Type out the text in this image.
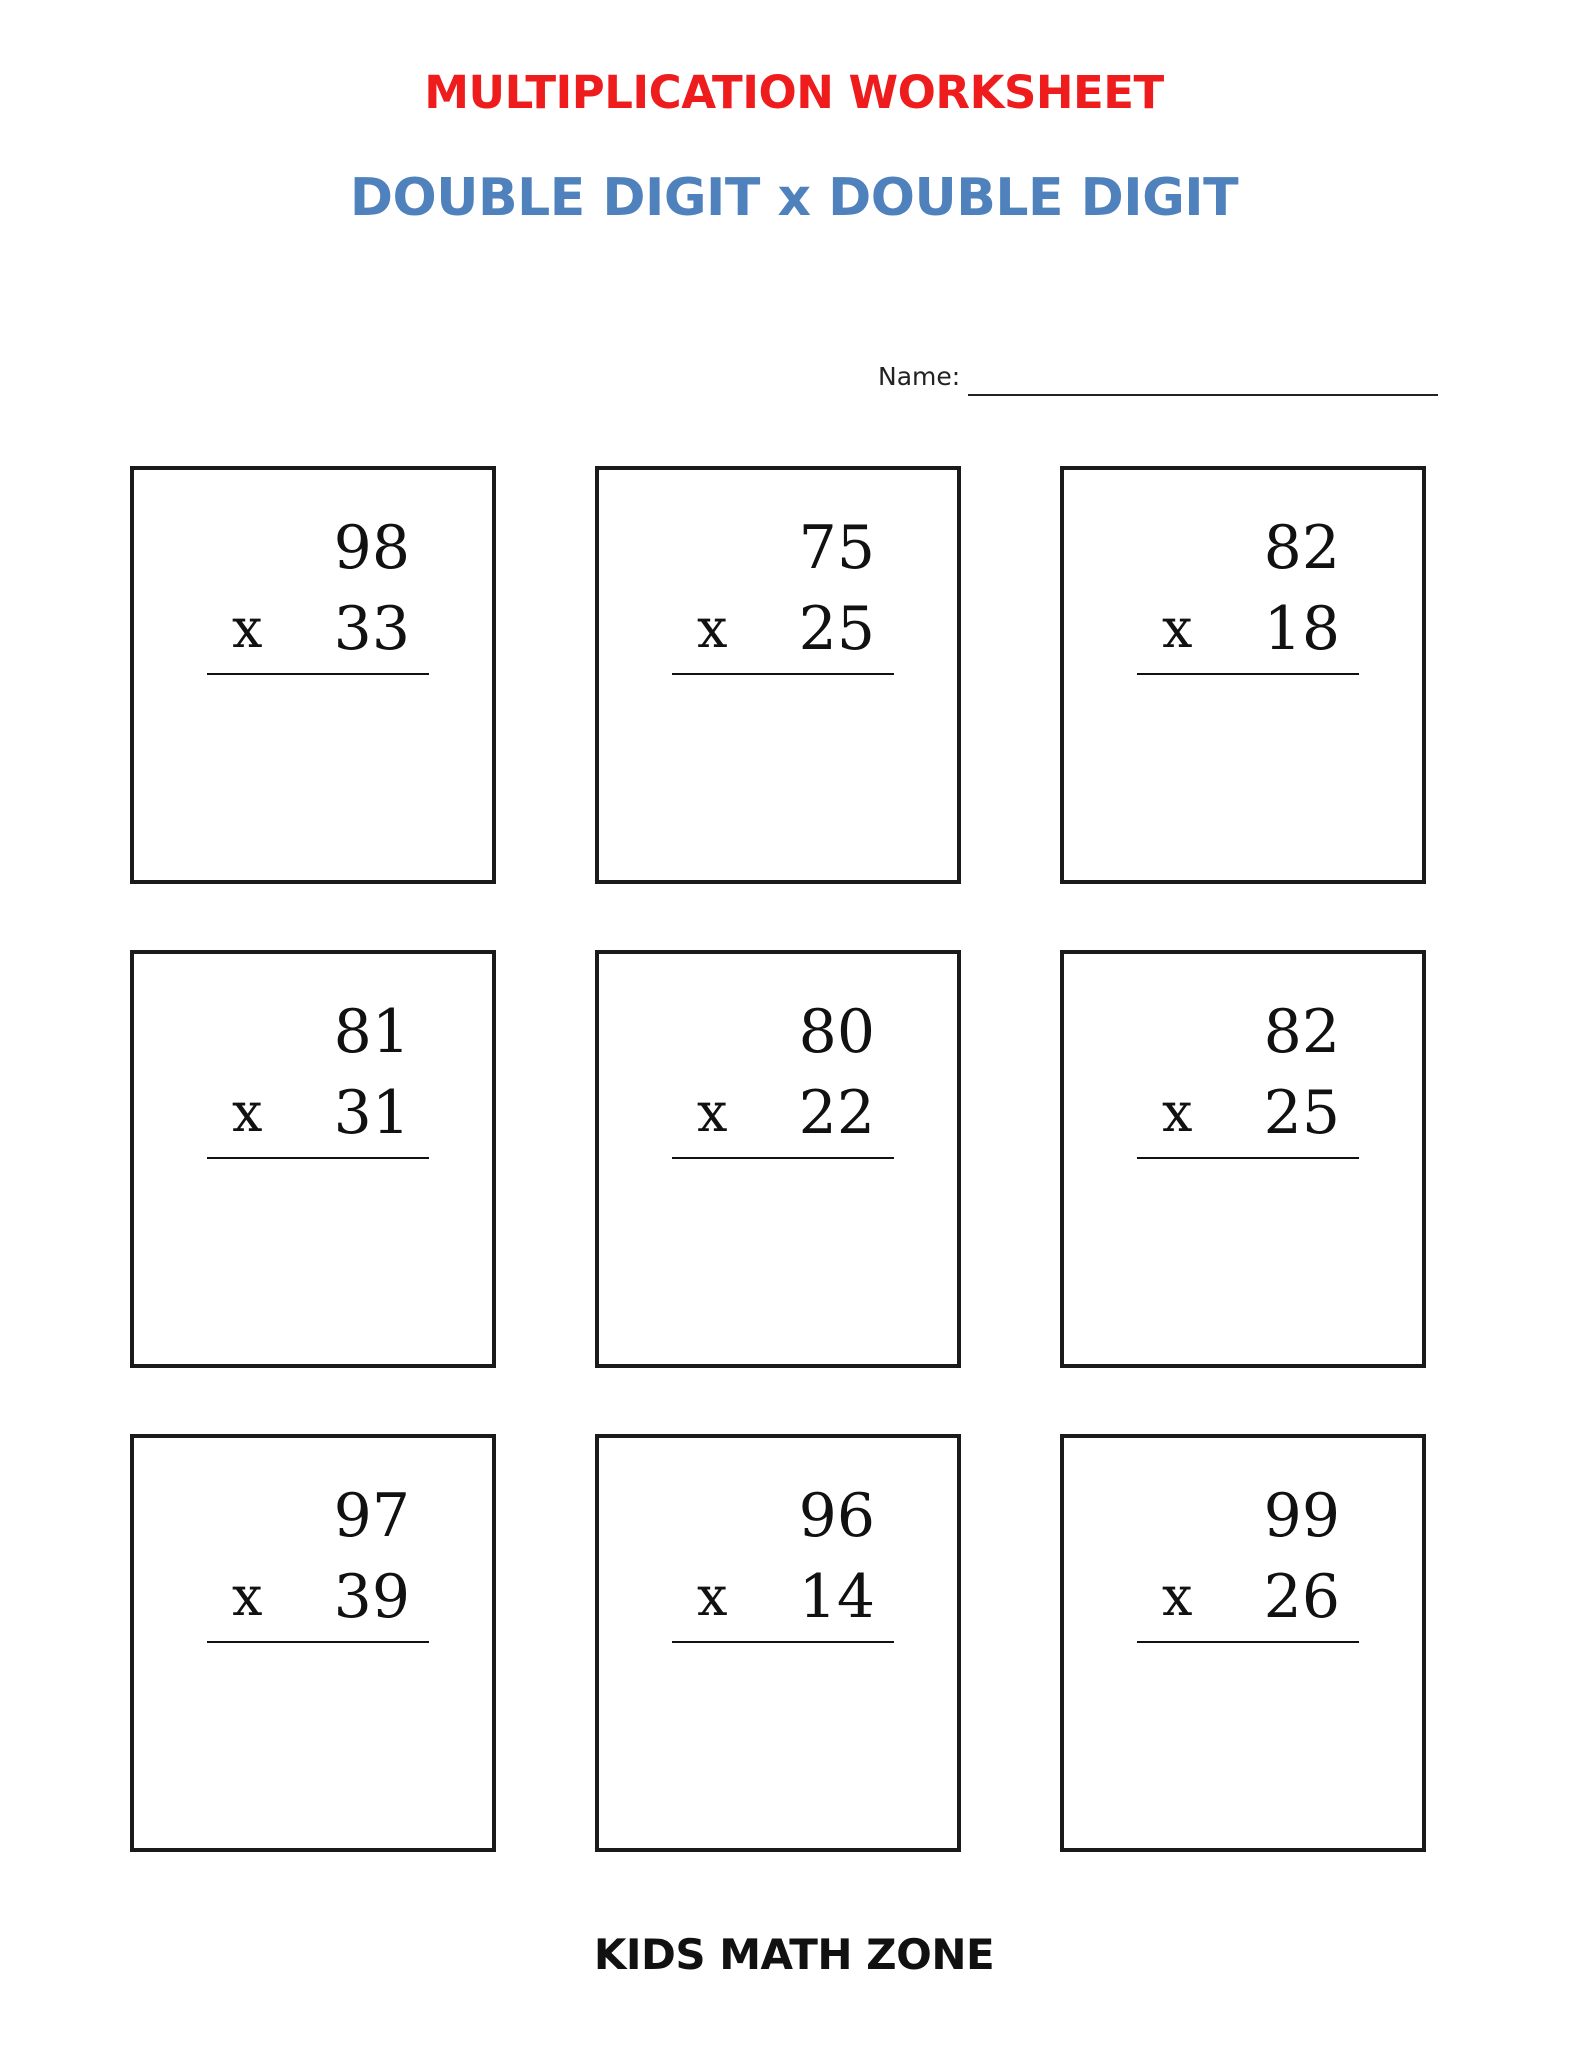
MULTIPLICATION WORKSHEET
DOUBLE DIGIT x DOUBLE DIGIT
Name:
98
x 33
75
x 25
82
x 18
81
x 31
80
x 22
82
x 25
97
x 39
96
x 14
99
x 26

KIDS MATH ZONE
